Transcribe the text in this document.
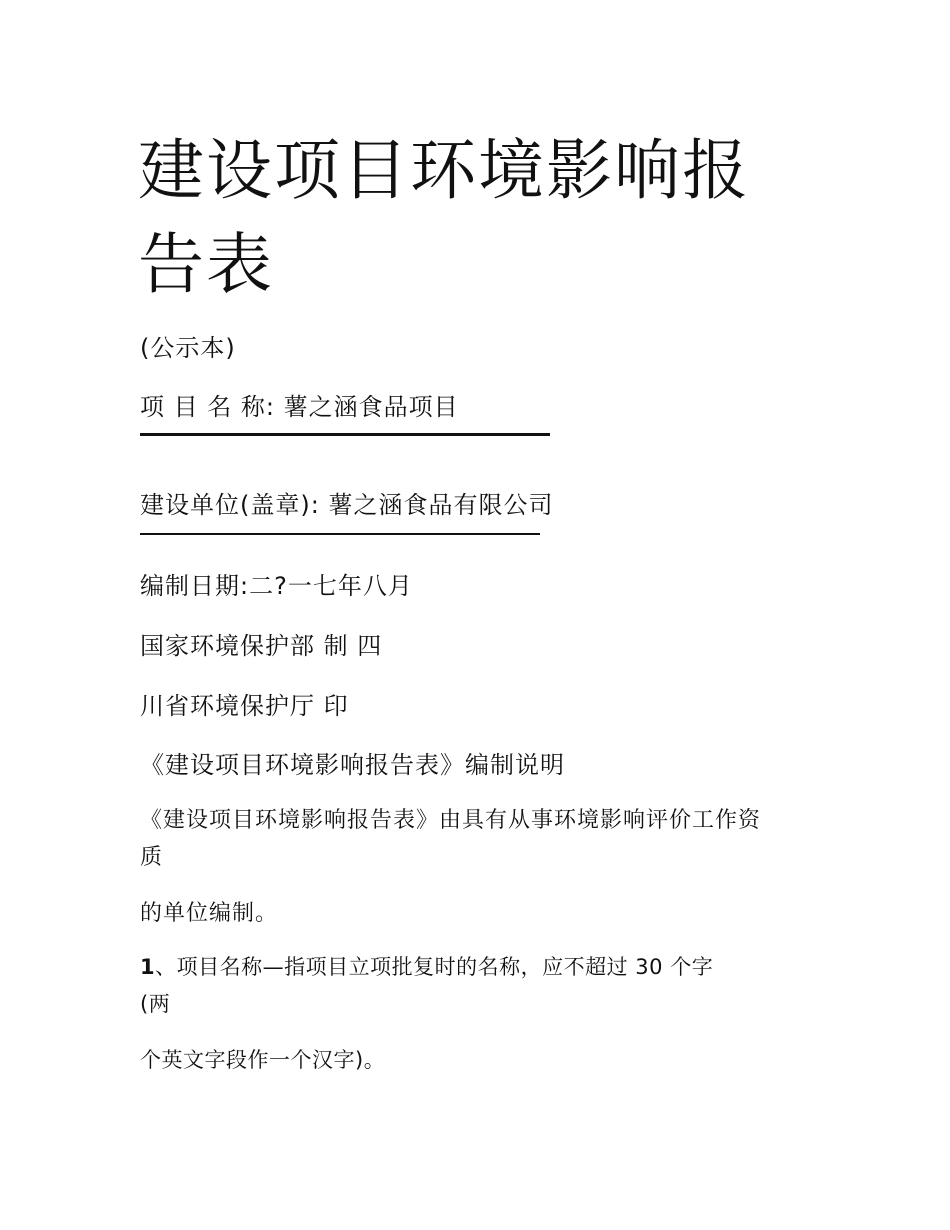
建设项目环境影响报告表
(公示本)
项 目 名 称: 薯之涵食品项目
建设单位(盖章): 薯之涵食品有限公司
编制日期:二?一七年八月
国家环境保护部 制 四
川省环境保护厅 印
《建设项目环境影响报告表》编制说明
《建设项目环境影响报告表》由具有从事环境影响评价工作资
质
的单位编制。
1、项目名称—指项目立项批复时的名称，应不超过 30 个字
(两
个英文字段作一个汉字)。
